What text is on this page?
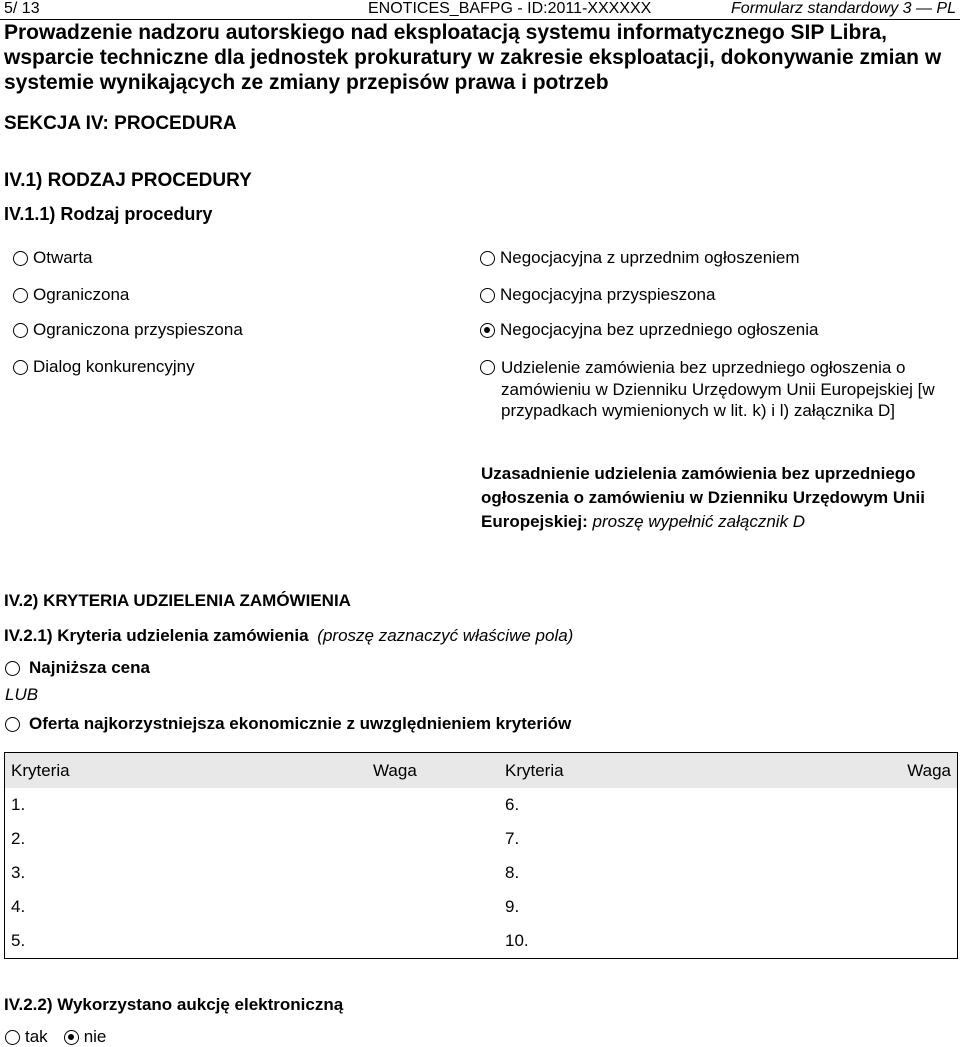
5/ 13	ENOTICES_BAFPG - ID:2011-XXXXXX	Formularz standardowy 3 — PL
Prowadzenie nadzoru autorskiego nad eksploatacją systemu informatycznego SIP Libra, wsparcie techniczne dla jednostek prokuratury w zakresie eksploatacji, dokonywanie zmian w systemie wynikających ze zmiany przepisów prawa i potrzeb
SEKCJA IV: PROCEDURA
IV.1) RODZAJ PROCEDURY
IV.1.1) Rodzaj procedury
Otwarta
Ograniczona
Ograniczona przyspieszona
Dialog konkurencyjny
Negocjacyjna z uprzednim ogłoszeniem
Negocjacyjna przyspieszona
Negocjacyjna bez uprzedniego ogłoszenia
Udzielenie zamówienia bez uprzedniego ogłoszenia o zamówieniu w Dzienniku Urzędowym Unii Europejskiej [w przypadkach wymienionych w lit. k) i l) załącznika D]
Uzasadnienie udzielenia zamówienia bez uprzedniego ogłoszenia o zamówieniu w Dzienniku Urzędowym Unii Europejskiej: proszę wypełnić załącznik D
IV.2) KRYTERIA UDZIELENIA ZAMÓWIENIA
IV.2.1) Kryteria udzielenia zamówienia (proszę zaznaczyć właściwe pola)
Najniższa cena
LUB
Oferta najkorzystniejsza ekonomicznie z uwzględnieniem kryteriów
Kryteria	Waga	Kryteria	Waga
1.		6.	
2.		7.	
3.		8.	
4.		9.	
5.		10.	
IV.2.2) Wykorzystano aukcję elektroniczną
tak nie
